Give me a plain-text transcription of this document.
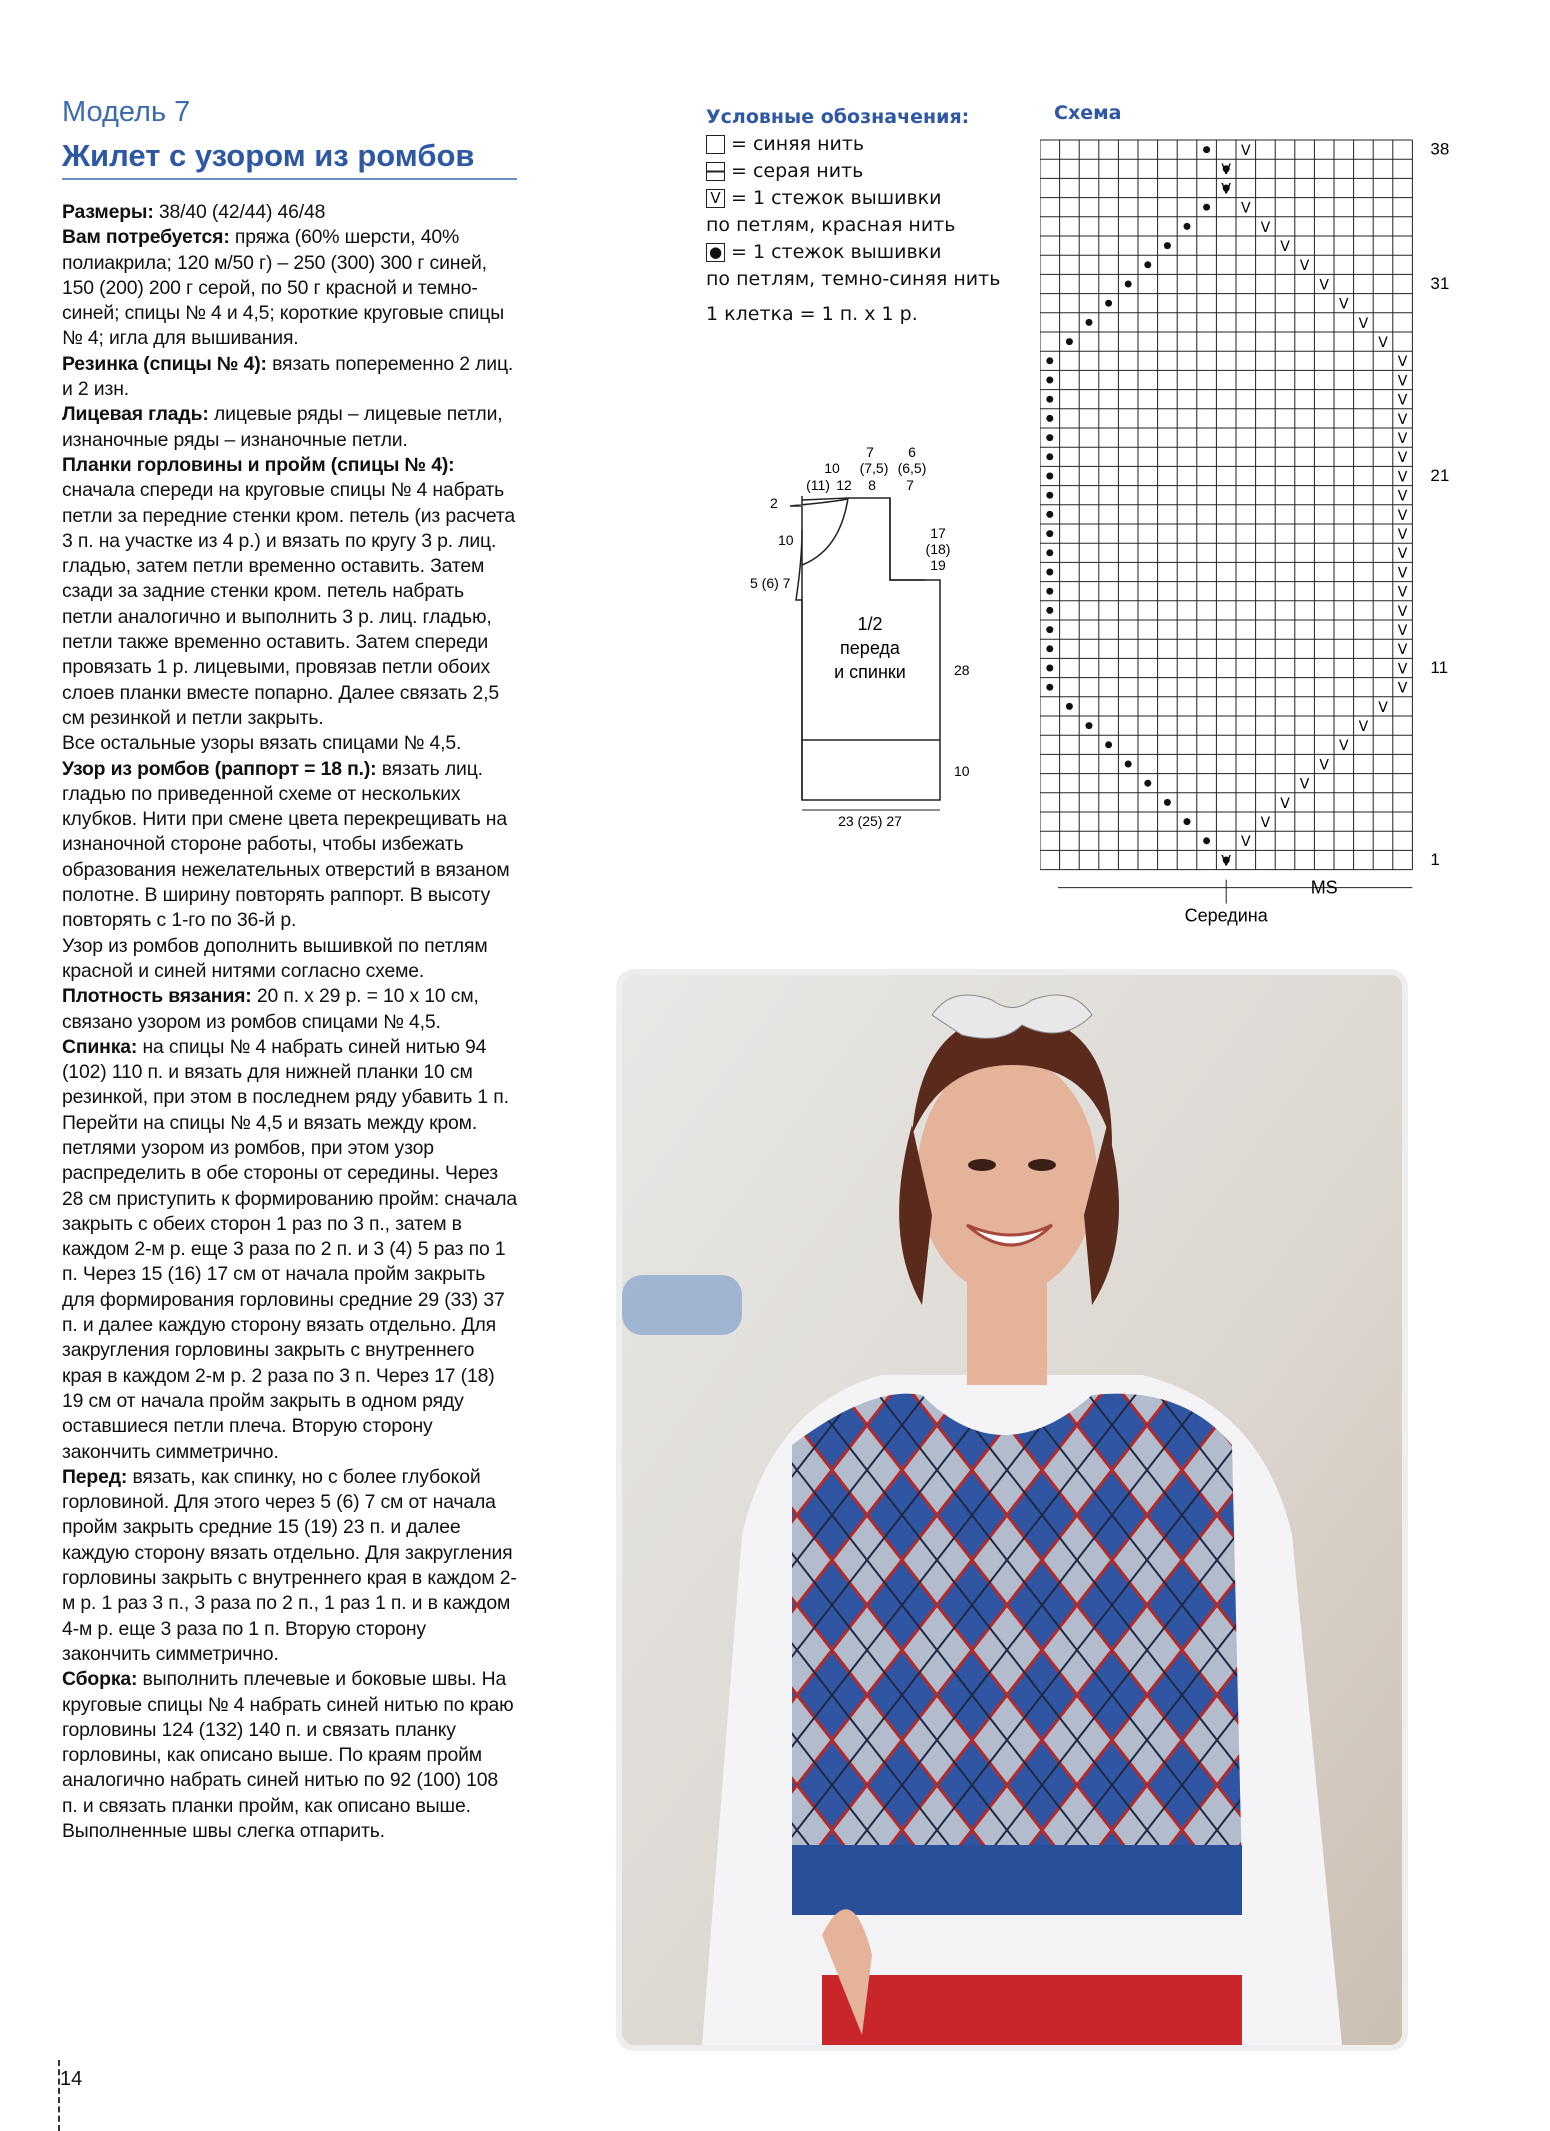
Модель 7
Жилет с узором из ромбов

Размеры: 38/40 (42/44) 46/48

Вам потребуется: пряжа (60% шерсти, 40% полиакрила; 120 м/50 г) – 250 (300) 300 г синей, 150 (200) 200 г серой, по 50 г красной и темно-синей; спицы № 4 и 4,5; короткие круговые спицы № 4; игла для вышивания.

Резинка (спицы № 4): вязать попеременно 2 лиц. и 2 изн.

Лицевая гладь: лицевые ряды – лицевые петли, изнаночные ряды – изнаночные петли.

Планки горловины и пройм (спицы № 4): сначала спереди на круговые спицы № 4 набрать петли за передние стенки кром. петель (из расчета 3 п. на участке из 4 р.) и вязать по кругу 3 р. лиц. гладью, затем петли временно оставить. Затем сзади за задние стенки кром. петель набрать петли аналогично и выполнить 3 р. лиц. гладью, петли также временно оставить. Затем спереди провязать 1 р. лицевыми, провязав петли обоих слоев планки вместе попарно. Далее связать 2,5 см резинкой и петли закрыть.

Все остальные узоры вязать спицами № 4,5.

Узор из ромбов (раппорт = 18 п.): вязать лиц. гладью по приведенной схеме от нескольких клубков. Нити при смене цвета перекрещивать на изнаночной стороне работы, чтобы избежать образования нежелательных отверстий в вязаном полотне. В ширину повторять раппорт. В высоту повторять с 1-го по 36-й р.

Узор из ромбов дополнить вышивкой по петлям красной и синей нитями согласно схеме.

Плотность вязания: 20 п. х 29 р. = 10 х 10 см, связано узором из ромбов спицами № 4,5.

Спинка: на спицы № 4 набрать синей нитью 94 (102) 110 п. и вязать для нижней планки 10 см резинкой, при этом в последнем ряду убавить 1 п. Перейти на спицы № 4,5 и вязать между кром. петлями узором из ромбов, при этом узор распределить в обе стороны от середины. Через 28 см приступить к формированию пройм: сначала закрыть с обеих сторон 1 раз по 3 п., затем в каждом 2-м р. еще 3 раза по 2 п. и 3 (4) 5 раз по 1 п. Через 15 (16) 17 см от начала пройм закрыть для формирования горловины средние 29 (33) 37 п. и далее каждую сторону вязать отдельно. Для закругления горловины закрыть с внутреннего края в каждом 2-м р. 2 раза по 3 п. Через 17 (18) 19 см от начала пройм закрыть в одном ряду оставшиеся петли плеча. Вторую сторону закончить симметрично.

Перед: вязать, как спинку, но с более глубокой горловиной. Для этого через 5 (6) 7 см от начала пройм закрыть средние 15 (19) 23 п. и далее каждую сторону вязать отдельно. Для закругления горловины закрыть с внутреннего края в каждом 2-м р. 1 раз 3 п., 3 раза по 2 п., 1 раз 1 п. и в каждом 4-м р. еще 3 раза по 1 п. Вторую сторону закончить симметрично.

Сборка: выполнить плечевые и боковые швы. На круговые спицы № 4 набрать синей нитью по краю горловины 124 (132) 140 п. и связать планку горловины, как описано выше. По краям пройм аналогично набрать синей нитью по 92 (100) 108 п. и связать планки пройм, как описано выше. Выполненные швы слегка отпарить.

Условные обозначения:
= синяя нить
= серая нить
V = 1 стежок вышивки
по петлям, красная нить
● = 1 стежок вышивки
по петлям, темно-синяя нить
1 клетка = 1 п. х 1 р.
Схема
V
V
V
V
V
V
V
V
V
V
V
V
V
V
V
V
V
V
V
V
V
V
V
V
V
V
V
V
V
V
V
V
V
V
V
V
V
V	38
31
21
11
1
Середина
MS
7 6
10 (7,5) (6,5)
(11) 12 8 7
2
10
5 (6) 7
17
(18)
19
28
10
1/2
переда
и спинки
23 (25) 27
14
